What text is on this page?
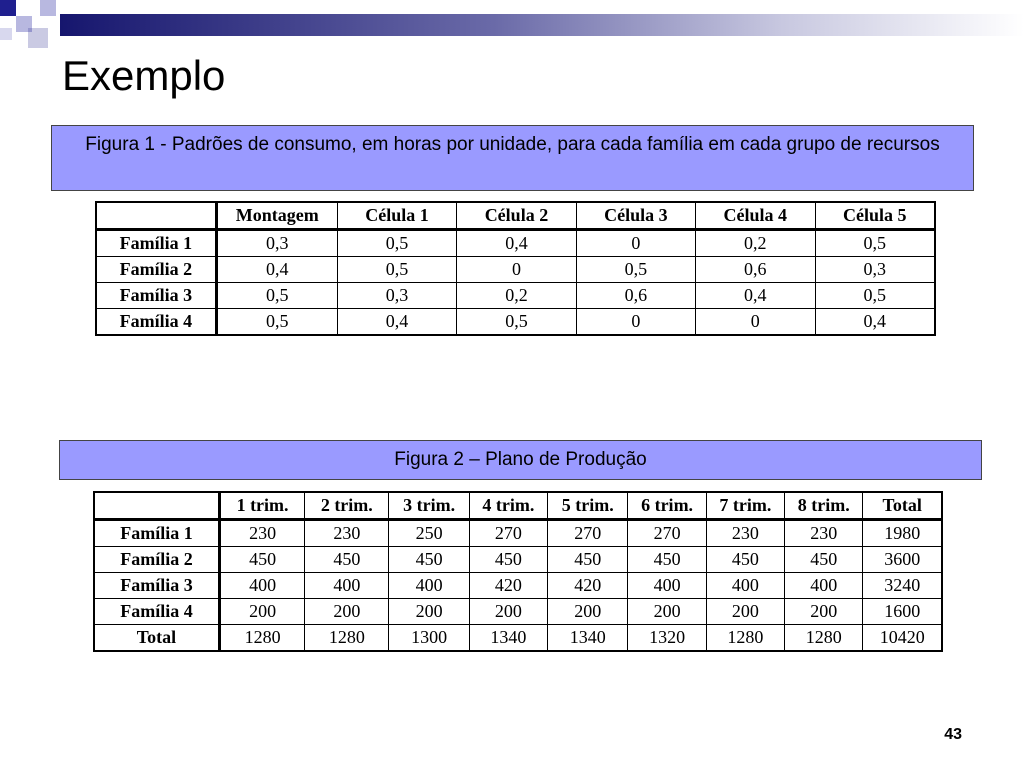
Exemplo
Figura 1 - Padrões de consumo, em horas por unidade, para cada família em cada grupo de recursos
	Montagem	Célula 1	Célula 2	Célula 3	Célula 4	Célula 5
Família 1	0,3	0,5	0,4	0	0,2	0,5
Família 2	0,4	0,5	0	0,5	0,6	0,3
Família 3	0,5	0,3	0,2	0,6	0,4	0,5
Família 4	0,5	0,4	0,5	0	0	0,4
Figura 2 – Plano de Produção
	1 trim.	2 trim.	3 trim.	4 trim.	5 trim.	6 trim.	7 trim.	8 trim.	Total
Família 1	230	230	250	270	270	270	230	230	1980
Família 2	450	450	450	450	450	450	450	450	3600
Família 3	400	400	400	420	420	400	400	400	3240
Família 4	200	200	200	200	200	200	200	200	1600
Total	1280	1280	1300	1340	1340	1320	1280	1280	10420
43
